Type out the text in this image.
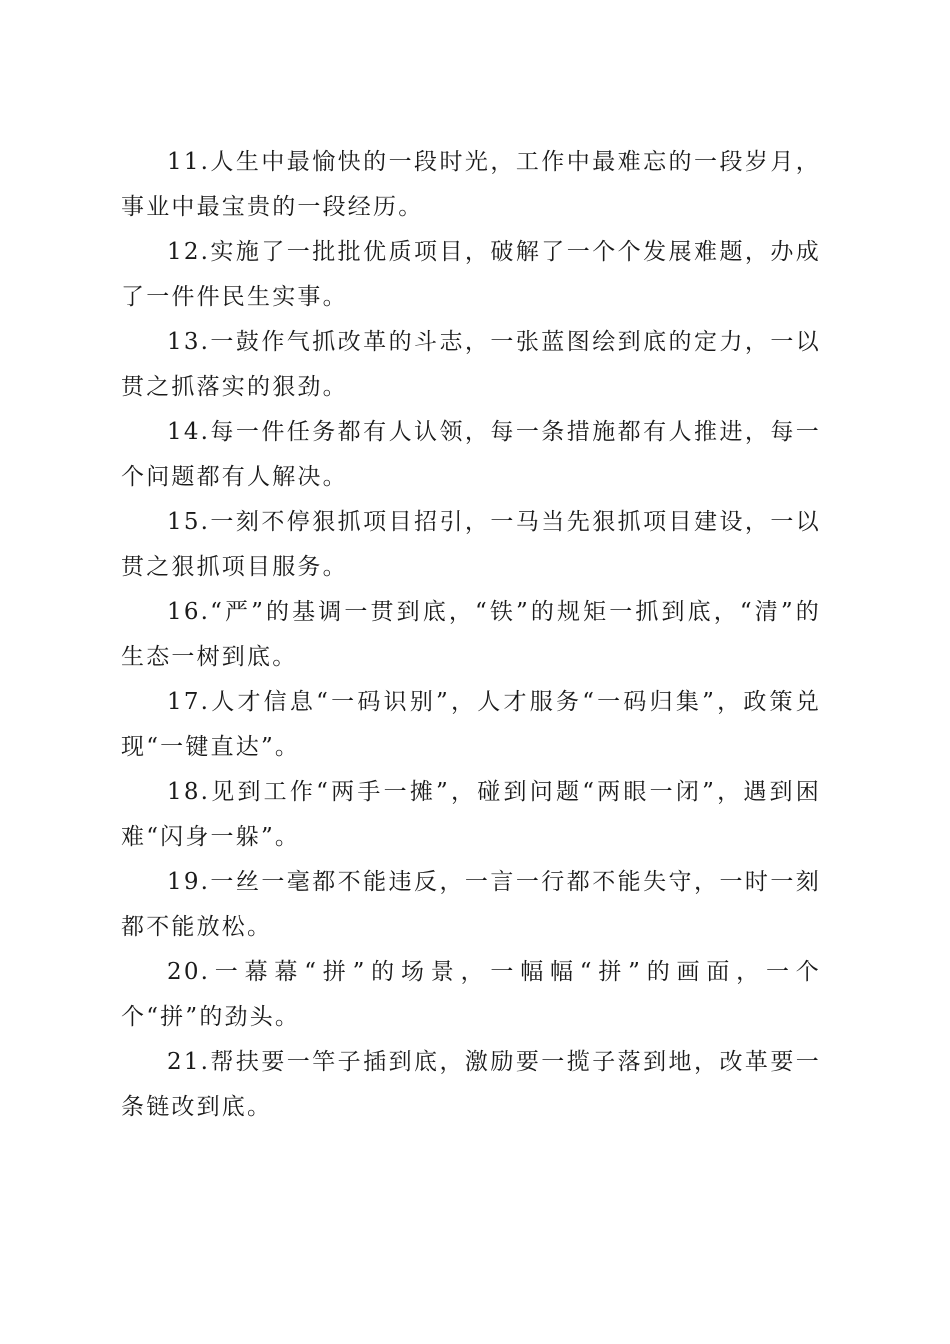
11.人生中最愉快的一段时光，工作中最难忘的一段岁月，事业中最宝贵的一段经历。

12.实施了一批批优质项目，破解了一个个发展难题，办成了一件件民生实事。

13.一鼓作气抓改革的斗志，一张蓝图绘到底的定力，一以贯之抓落实的狠劲。

14.每一件任务都有人认领，每一条措施都有人推进，每一个问题都有人解决。

15.一刻不停狠抓项目招引，一马当先狠抓项目建设，一以贯之狠抓项目服务。

16.“严”的基调一贯到底，“铁”的规矩一抓到底，“清”的生态一树到底。

17.人才信息“一码识别”，人才服务“一码归集”，政策兑现“一键直达”。

18.见到工作“两手一摊”，碰到问题“两眼一闭”，遇到困难“闪身一躲”。

19.一丝一毫都不能违反，一言一行都不能失守，一时一刻都不能放松。

20.一幕幕“拼”的场景，一幅幅“拼”的画面，一个个“拼”的劲头。

21.帮扶要一竿子插到底，激励要一揽子落到地，改革要一条链改到底。
